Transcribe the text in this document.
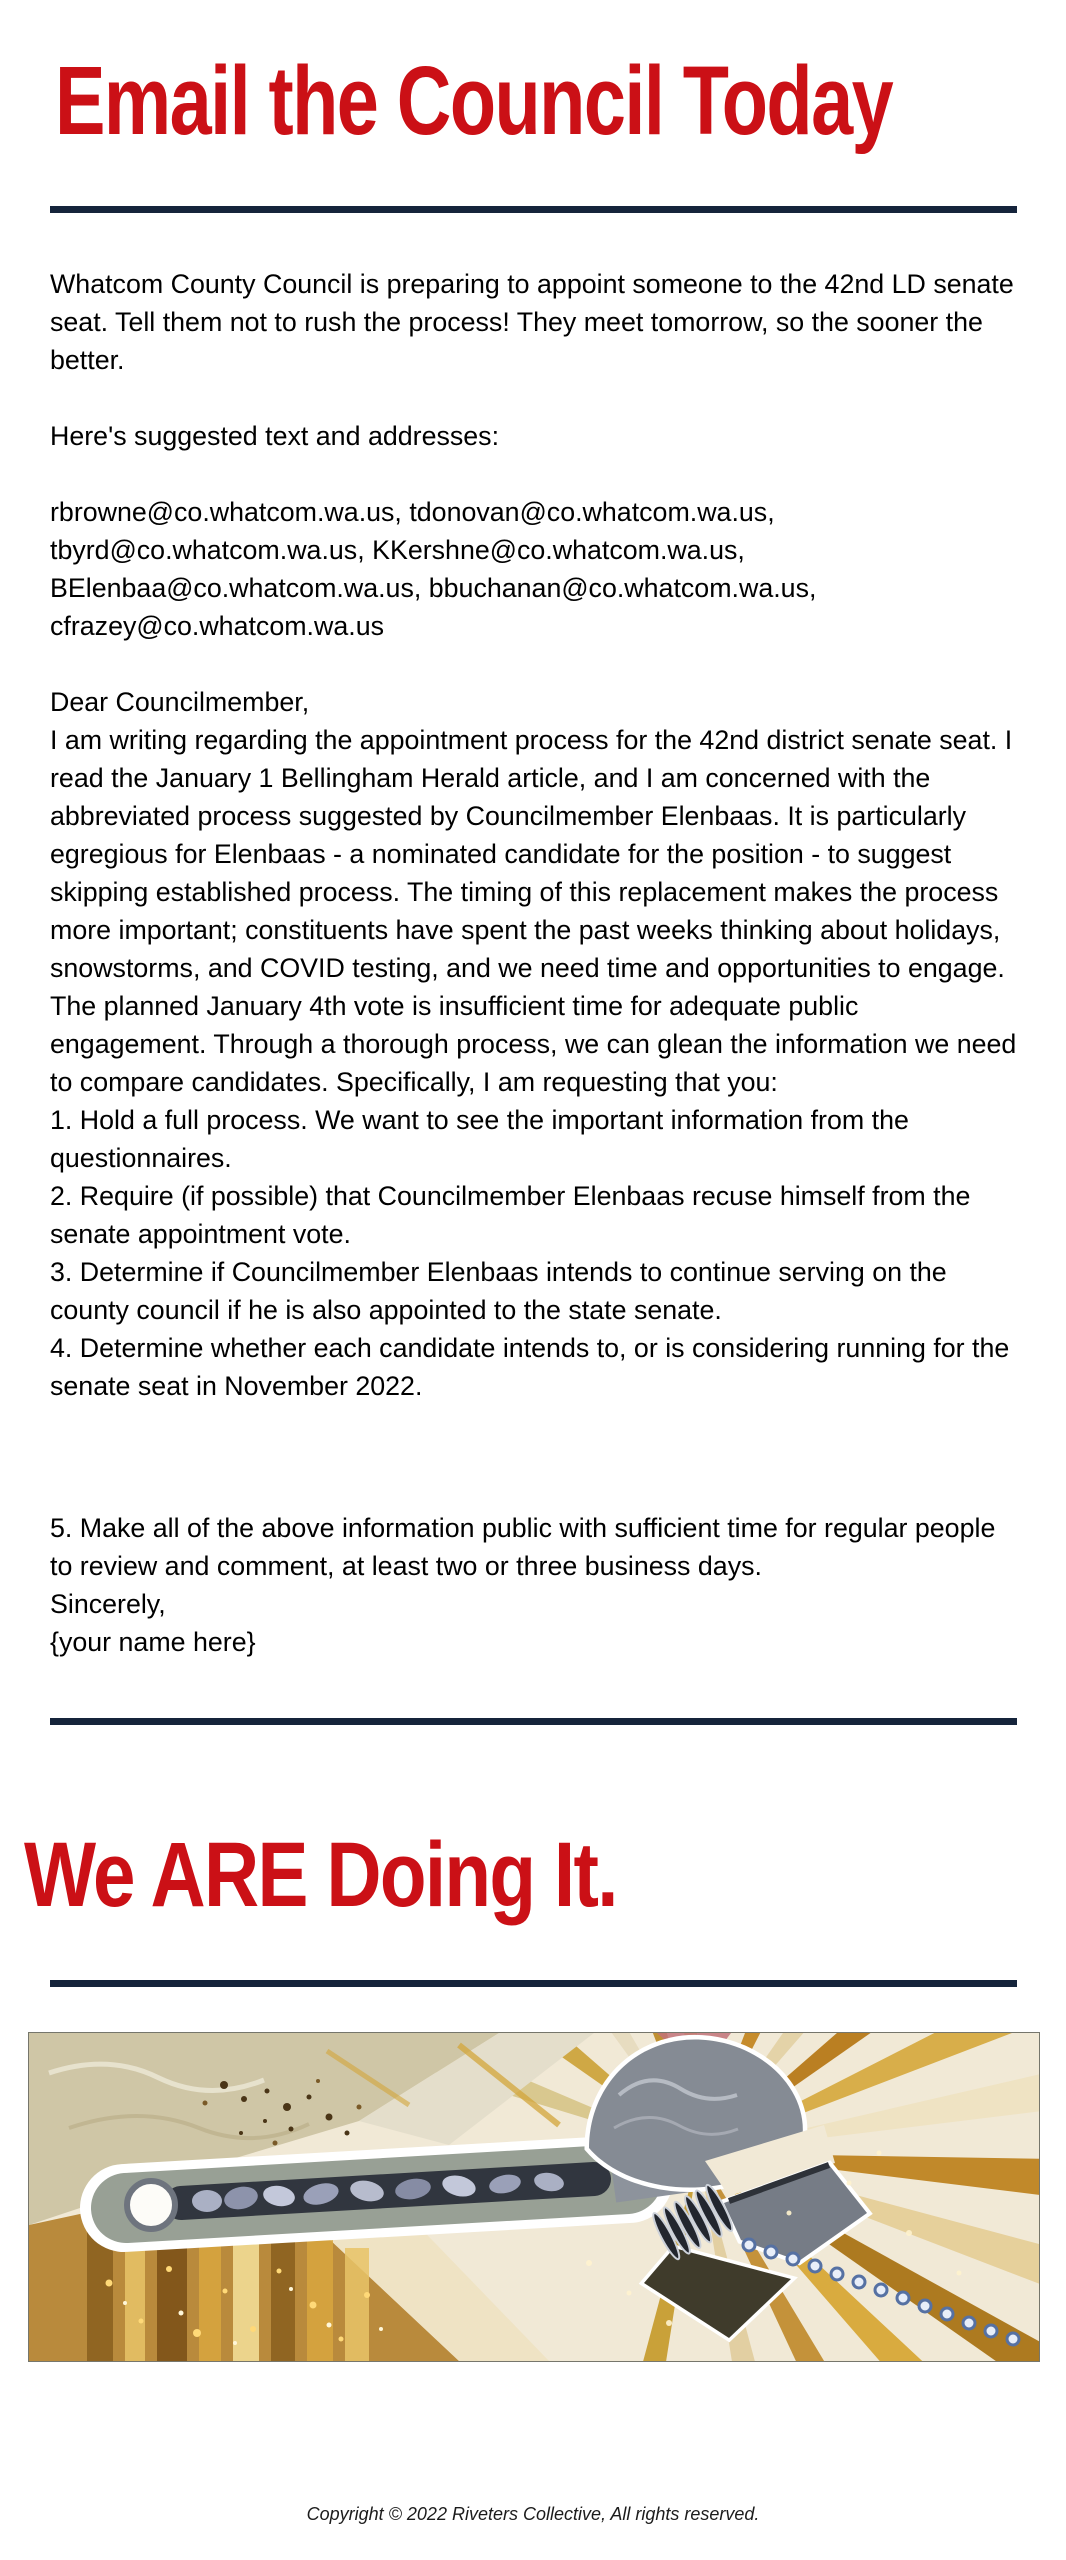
Email the Council Today

Whatcom County Council is preparing to appoint someone to the 42nd LD senate seat. Tell them not to rush the process! They meet tomorrow, so the sooner the better.

Here's suggested text and addresses:

rbrowne@co.whatcom.wa.us, tdonovan@co.whatcom.wa.us, tbyrd@co.whatcom.wa.us, KKershne@co.whatcom.wa.us, BElenbaa@co.whatcom.wa.us, bbuchanan@co.whatcom.wa.us, cfrazey@co.whatcom.wa.us

Dear Councilmember,
I am writing regarding the appointment process for the 42nd district senate seat. I read the January 1 Bellingham Herald article, and I am concerned with the abbreviated process suggested by Councilmember Elenbaas. It is particularly egregious for Elenbaas - a nominated candidate for the position - to suggest skipping established process. The timing of this replacement makes the process more important; constituents have spent the past weeks thinking about holidays, snowstorms, and COVID testing, and we need time and opportunities to engage. The planned January 4th vote is insufficient time for adequate public engagement. Through a thorough process, we can glean the information we need to compare candidates. Specifically, I am requesting that you:
1. Hold a full process. We want to see the important information from the questionnaires.
2. Require (if possible) that Councilmember Elenbaas recuse himself from the senate appointment vote.
3. Determine if Councilmember Elenbaas intends to continue serving on the county council if he is also appointed to the state senate.
4. Determine whether each candidate intends to, or is considering running for the senate seat in November 2022.

5. Make all of the above information public with sufficient time for regular people to review and comment, at least two or three business days.
Sincerely,
{your name here}

We ARE Doing It.

Copyright © 2022 Riveters Collective, All rights reserved.
